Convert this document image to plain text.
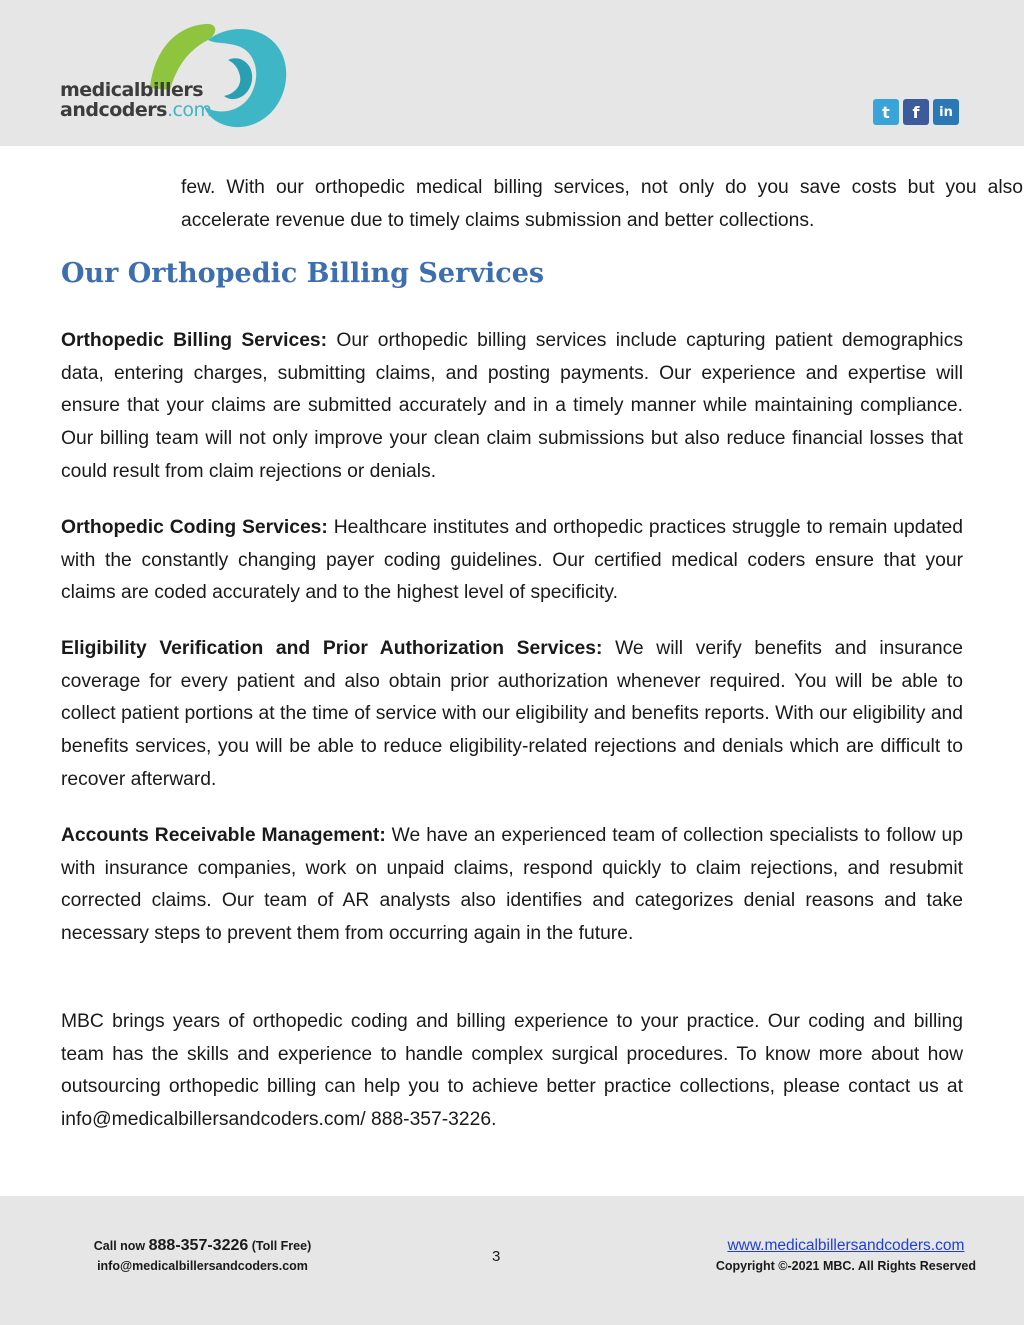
medicalbillers
andcoders.com	t	f	in

few. With our orthopedic medical billing services, not only do you save costs but you also accelerate revenue due to timely claims submission and better collections.

Our Orthopedic Billing Services

Orthopedic Billing Services: Our orthopedic billing services include capturing patient demographics data, entering charges, submitting claims, and posting payments. Our experience and expertise will ensure that your claims are submitted accurately and in a timely manner while maintaining compliance. Our billing team will not only improve your clean claim submissions but also reduce financial losses that could result from claim rejections or denials.

Orthopedic Coding Services: Healthcare institutes and orthopedic practices struggle to remain updated with the constantly changing payer coding guidelines. Our certified medical coders ensure that your claims are coded accurately and to the highest level of specificity.

Eligibility Verification and Prior Authorization Services: We will verify benefits and insurance coverage for every patient and also obtain prior authorization whenever required. You will be able to collect patient portions at the time of service with our eligibility and benefits reports. With our eligibility and benefits services, you will be able to reduce eligibility-related rejections and denials which are difficult to recover afterward.

Accounts Receivable Management: We have an experienced team of collection specialists to follow up with insurance companies, work on unpaid claims, respond quickly to claim rejections, and resubmit corrected claims. Our team of AR analysts also identifies and categorizes denial reasons and take necessary steps to prevent them from occurring again in the future.

MBC brings years of orthopedic coding and billing experience to your practice. Our coding and billing team has the skills and experience to handle complex surgical procedures. To know more about how outsourcing orthopedic billing can help you to achieve better practice collections, please contact us at info@medicalbillersandcoders.com/ 888-357-3226.

Call now 888-357-3226 (Toll Free)
info@medicalbillersandcoders.com
3
www.medicalbillersandcoders.com
Copyright ©-2021 MBC. All Rights Reserved
